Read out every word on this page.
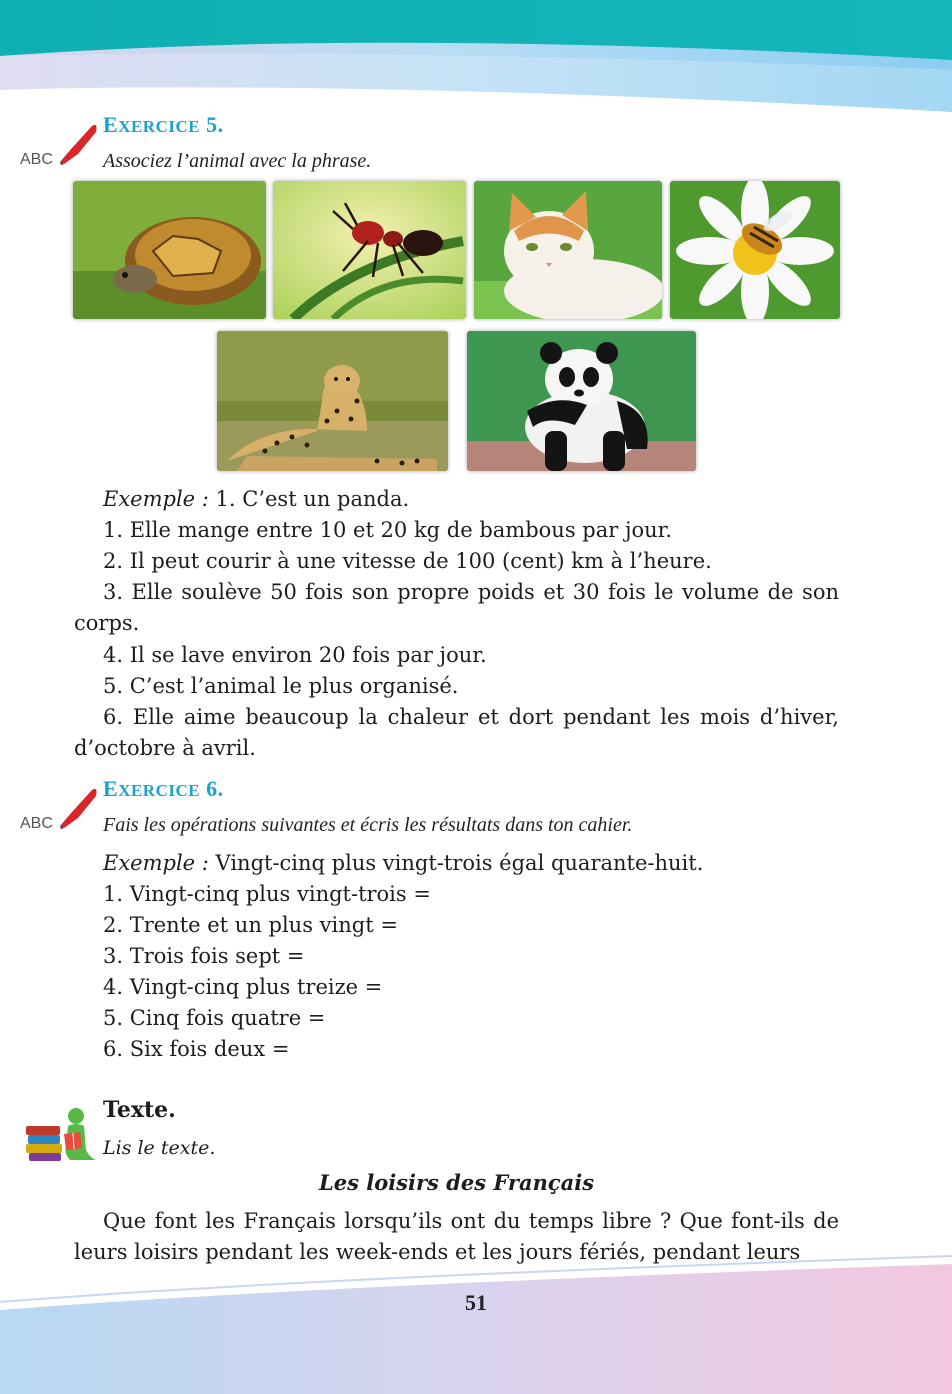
ABC
EXERCICE 5.
Associez l’animal avec la phrase.
Exemple : 1. C’est un panda.
1. Elle mange entre 10 et 20 kg de bambous par jour.
2. Il peut courir à une vitesse de 100 (cent) km à l’heure.
3. Elle soulève 50 fois son propre poids et 30 fois le volume de son corps.
4. Il se lave environ 20 fois par jour.
5. C’est l’animal le plus organisé.
6. Elle aime beaucoup la chaleur et dort pendant les mois d’hiver, d’octobre à avril.
ABC
EXERCICE 6.
Fais les opérations suivantes et écris les résultats dans ton cahier.
Exemple : Vingt-cinq plus vingt-trois égal quarante-huit.
1. Vingt-cinq plus vingt-trois =
2. Trente et un plus vingt =
3. Trois fois sept =
4. Vingt-cinq plus treize =
5. Cinq fois quatre =
6. Six fois deux =
Texte.
Lis le texte.
Les loisirs des Français
Que font les Français lorsqu’ils ont du temps libre ? Que font-ils de leurs loisirs pendant les week-ends et les jours fériés, pendant leurs
51
